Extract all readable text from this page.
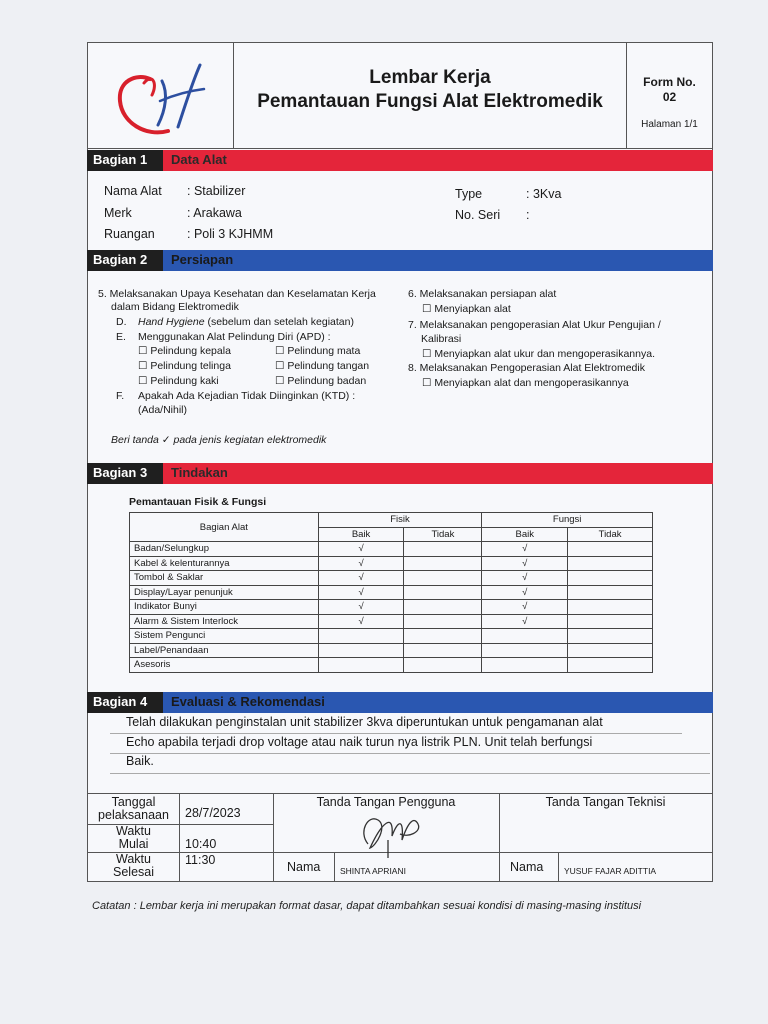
Lembar Kerja
Pemantauan Fungsi Alat Elektromedik
Form No.
02
Halaman 1/1
Bagian 1	Data Alat
Nama Alat : Stabilizer
Merk	: Arakawa
Ruangan	: Poli 3 KJHMM
Type	: 3Kva
No. Seri :
Bagian 2	Persiapan
5. Melaksanakan Upaya Kesehatan dan Keselamatan Kerja
dalam Bidang Elektromedik
D. Hand Hygiene (sebelum dan setelah kegiatan)
E. Menggunakan Alat Pelindung Diri (APD) :
☐ Pelindung kepala	☐ Pelindung mata
☐ Pelindung telinga	☐ Pelindung tangan
☐ Pelindung kaki	☐ Pelindung badan
F. Apakah Ada Kejadian Tidak Diinginkan (KTD) :
(Ada/Nihil)
Beri tanda ✓ pada jenis kegiatan elektromedik
6. Melaksanakan persiapan alat
☐ Menyiapkan alat
7. Melaksanakan pengoperasian Alat Ukur Pengujian /
Kalibrasi
☐ Menyiapkan alat ukur dan mengoperasikannya.
8. Melaksanakan Pengoperasian Alat Elektromedik
☐ Menyiapkan alat dan mengoperasikannya
Bagian 3	Tindakan
Pemantauan Fisik & Fungsi
Bagian Alat	Fisik		Fungsi	
	Baik	Tidak	Baik	Tidak
Badan/Selungkup	√		√	
Kabel & kelenturannya	√		√	
Tombol & Saklar	√		√	
Display/Layar penunjuk	√		√	
Indikator Bunyi	√		√	
Alarm & Sistem Interlock	√		√	
Sistem Pengunci				
Label/Penandaan				
Asesoris				
Bagian 4	Evaluasi & Rekomendasi
Telah dilakukan penginstalan unit stabilizer 3kva diperuntukan untuk pengamanan alat
Echo apabila terjadi drop voltage atau naik turun nya listrik PLN. Unit telah berfungsi
Baik.
Tanggal
pelaksanaan	28/7/2023
Waktu
Mulai	10:40
Waktu
Selesai
11:30
Tanda Tangan Pengguna	Tanda Tangan Teknisi
Nama SHINTA APRIANI	Nama YUSUF FAJAR ADITTIA
Catatan : Lembar kerja ini merupakan format dasar, dapat ditambahkan sesuai kondisi di masing-masing institusi
